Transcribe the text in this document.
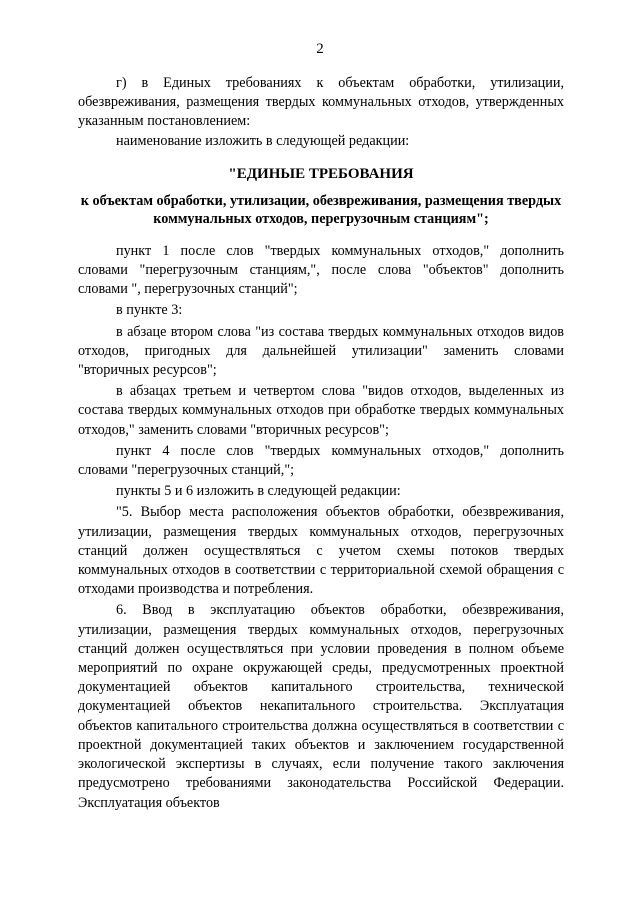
2

г) в Единых требованиях к объектам обработки, утилизации, обезвреживания, размещения твердых коммунальных отходов, утвержденных указанным постановлением:

наименование изложить в следующей редакции:

"ЕДИНЫЕ ТРЕБОВАНИЯ
к объектам обработки, утилизации, обезвреживания, размещения твердых коммунальных отходов, перегрузочным станциям";

пункт 1 после слов "твердых коммунальных отходов," дополнить словами "перегрузочным станциям,", после слова "объектов" дополнить словами ", перегрузочных станций";

в пункте 3:

в абзаце втором слова "из состава твердых коммунальных отходов видов отходов, пригодных для дальнейшей утилизации" заменить словами "вторичных ресурсов";

в абзацах третьем и четвертом слова "видов отходов, выделенных из состава твердых коммунальных отходов при обработке твердых коммунальных отходов," заменить словами "вторичных ресурсов";

пункт 4 после слов "твердых коммунальных отходов," дополнить словами "перегрузочных станций,";

пункты 5 и 6 изложить в следующей редакции:

"5. Выбор места расположения объектов обработки, обезвреживания, утилизации, размещения твердых коммунальных отходов, перегрузочных станций должен осуществляться с учетом схемы потоков твердых коммунальных отходов в соответствии с территориальной схемой обращения с отходами производства и потребления.

6. Ввод в эксплуатацию объектов обработки, обезвреживания, утилизации, размещения твердых коммунальных отходов, перегрузочных станций должен осуществляться при условии проведения в полном объеме мероприятий по охране окружающей среды, предусмотренных проектной документацией объектов капитального строительства, технической документацией объектов некапитального строительства. Эксплуатация объектов капитального строительства должна осуществляться в соответствии с проектной документацией таких объектов и заключением государственной экологической экспертизы в случаях, если получение такого заключения предусмотрено требованиями законодательства Российской Федерации. Эксплуатация объектов
